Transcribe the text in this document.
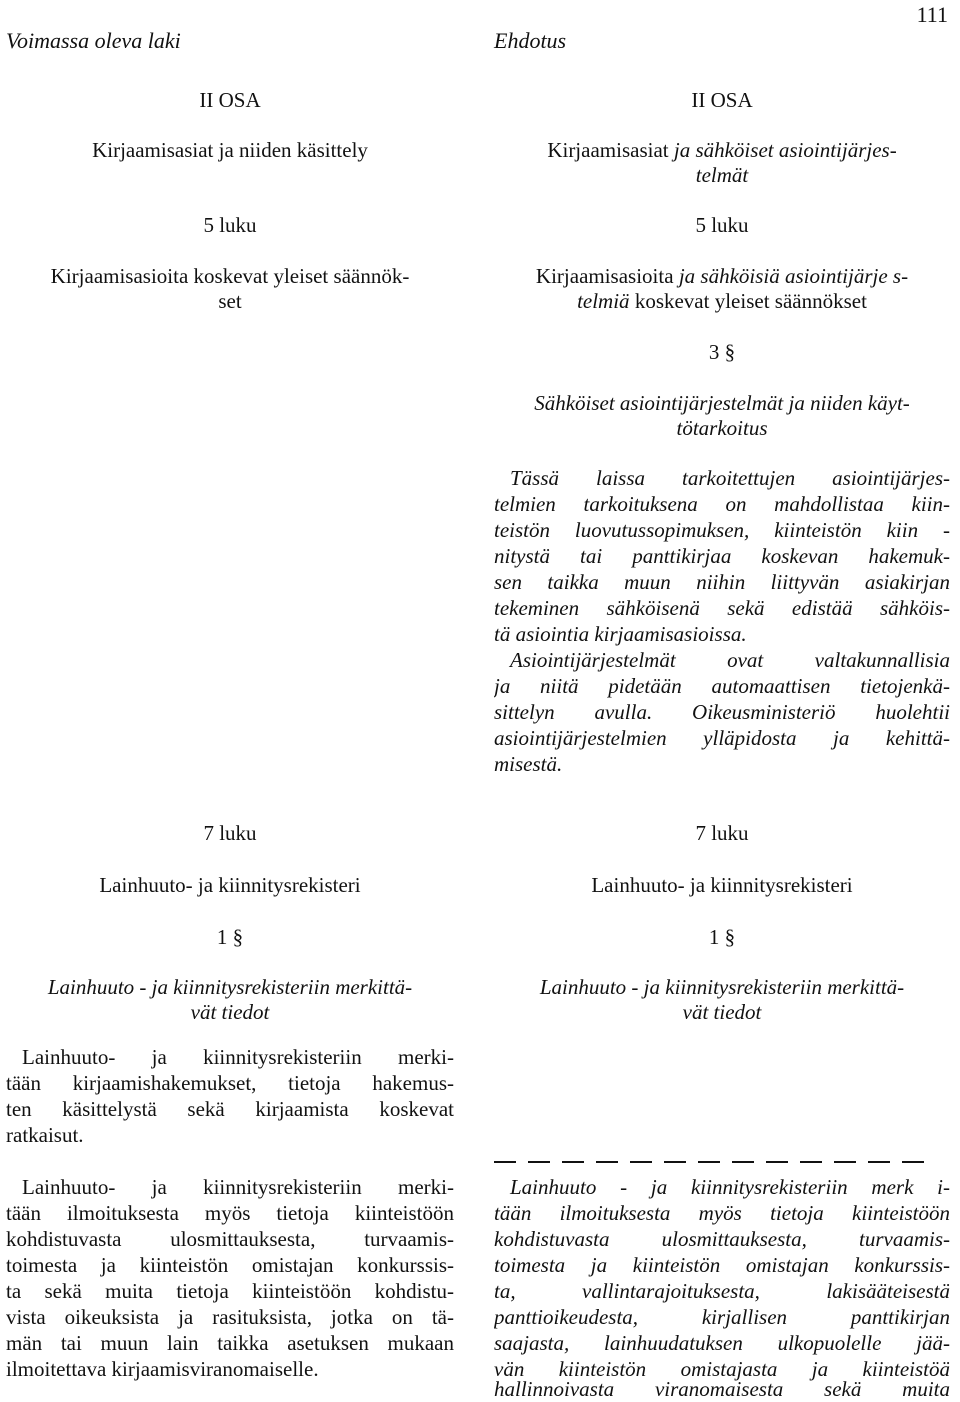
111
Voimassa oleva laki	Ehdotus
II OSA
Kirjaamisasiat ja niiden käsittely
5 luku
Kirjaamisasioita koskevat yleiset säännök-
set
7 luku
Lainhuuto- ja kiinnitysrekisteri
1 §
Lainhuuto - ja kiinnitysrekisteriin merkittä-
vät tiedot
Lainhuuto- ja kiinnitysrekisteriin merki-
tään kirjaamishakemukset, tietoja hakemus-
ten käsittelystä sekä kirjaamista koskevat
ratkaisut.
Lainhuuto- ja kiinnitysrekisteriin merki-
tään ilmoituksesta myös tietoja kiinteistöön
kohdistuvasta ulosmittauksesta, turvaamis-
toimesta ja kiinteistön omistajan konkurssis-
ta sekä muita tietoja kiinteistöön kohdistu-
vista oikeuksista ja rasituksista, jotka on tä-
män tai muun lain taikka asetuksen mukaan
ilmoitettava kirjaamisviranomaiselle.
II OSA
Kirjaamisasiat ja sähköiset asiointijärjes-
telmät
5 luku
Kirjaamisasioita ja sähköisiä asiointijärje s-
telmiä koskevat yleiset säännökset
3 §
Sähköiset asiointijärjestelmät ja niiden käyt-
tötarkoitus
Tässä laissa tarkoitettujen asiointijärjes-
telmien tarkoituksena on mahdollistaa kiin-
teistön luovutussopimuksen, kiinteistön kiin -
nitystä tai panttikirjaa koskevan hakemuk-
sen taikka muun niihin liittyvän asiakirjan
tekeminen sähköisenä sekä edistää sähköis-
tä asiointia kirjaamisasioissa.
Asiointijärjestelmät ovat valtakunnallisia
ja niitä pidetään automaattisen tietojenkä-
sittelyn avulla. Oikeusministeriö huolehtii
asiointijärjestelmien ylläpidosta ja kehittä-
misestä.
7 luku
Lainhuuto- ja kiinnitysrekisteri
1 §
Lainhuuto - ja kiinnitysrekisteriin merkittä-
vät tiedot
Lainhuuto - ja kiinnitysrekisteriin merk i-
tään ilmoituksesta myös tietoja kiinteistöön
kohdistuvasta ulosmittauksesta, turvaamis-
toimesta ja kiinteistön omistajan konkurssis-
ta, vallintarajoituksesta, lakisääteisestä
panttioikeudesta, kirjallisen panttikirjan
saajasta, lainhuudatuksen ulkopuolelle jää-
vän kiinteistön omistajasta ja kiinteistöä
hallinnoivasta viranomaisesta sekä muita
